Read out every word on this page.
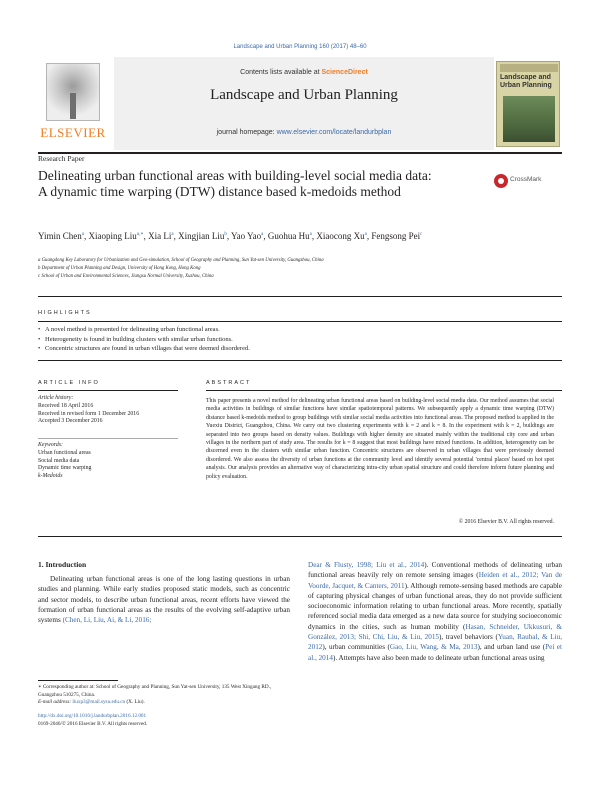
Landscape and Urban Planning 160 (2017) 48–60
ELSEVIER
Contents lists available at ScienceDirect
Landscape and Urban Planning
journal homepage: www.elsevier.com/locate/landurbplan
Landscape and Urban Planning
Research Paper
Delineating urban functional areas with building-level social media data: A dynamic time warping (DTW) distance based k-medoids method
CrossMark
Yimin Chen$^a$, Xiaoping Liu$^{a,∗}$, Xia Li$^a$, Xingjian Liu$^b$, Yao Yao$^a$, Guohua Hu$^a$, Xiaocong Xu$^a$, Fengsong Pei$^c$
a Guangdong Key Laboratory for Urbanization and Geo-simulation, School of Geography and Planning, Sun Yat-sen University, Guangzhou, China
b Department of Urban Planning and Design, University of Hong Kong, Hong Kong
c School of Urban and Environmental Sciences, Jiangsu Normal University, Xuzhou, China
HIGHLIGHTS
• A novel method is presented for delineating urban functional areas.
• Heterogeneity is found in building clusters with similar urban functions.
• Concentric structures are found in urban villages that were deemed disordered.
ARTICLE INFO	ABSTRACT
Article history:
Received 18 April 2016
Received in revised form 1 December 2016
Accepted 3 December 2016
Keywords:
Urban functional areas
Social media data
Dynamic time warping
k-Medoids
This paper presents a novel method for delineating urban functional areas based on building-level social media data. Our method assumes that social media activities in buildings of similar functions have similar spatiotemporal patterns. We subsequently apply a dynamic time warping (DTW) distance based k-medoids method to group buildings with similar social media activities into functional areas. The proposed method is applied in the Yuexiu District, Guangzhou, China. We carry out two clustering experiments with k = 2 and k = 8. In the experiment with k = 2, buildings are separated into two groups based on density values. Buildings with higher density are situated mainly within the traditional city core and urban villages in the northern part of study area. The results for k = 8 suggest that most buildings have mixed functions. In addition, heterogeneity can be discerned even in the clusters with similar urban function. Concentric structures are observed in urban villages that were previously deemed disordered. We also assess the diversity of urban functions at the community level and identify several potential 'central places' based on hot spot analysis. Our analysis provides an alternative way of characterizing intra-city urban spatial structure and could therefore inform future planning and policy evaluation.
© 2016 Elsevier B.V. All rights reserved.
1. Introduction
Delineating urban functional areas is one of the long lasting questions in urban studies and planning. While early studies proposed static models, such as concentric and sector models, to describe urban functional areas, recent efforts have viewed the formation of urban functional areas as the results of the evolving self-adaptive urban systems (Chen, Li, Liu, Ai, & Li, 2016;
∗ Corresponding author at: School of Geography and Planning, Sun Yat-sen University, 135 West Xingang RD., Guangzhou 510275, China.
E-mail address: liuxp3@mail.sysu.edu.cn (X. Liu).
http://dx.doi.org/10.1016/j.landurbplan.2016.12.001
0169-2046/© 2016 Elsevier B.V. All rights reserved.
Dear & Flusty, 1998; Liu et al., 2014). Conventional methods of delineating urban functional areas heavily rely on remote sensing images (Heiden et al., 2012; Van de Voorde, Jacquet, & Canters, 2011). Although remote-sensing based methods are capable of capturing physical changes of urban functional areas, they do not provide sufficient socioeconomic information relating to urban functional areas. More recently, spatially referenced social media data emerged as a new data source for studying socioeconomic dynamics in the cities, such as human mobility (Hasan, Schneider, Ukkusuri, & González, 2013; Shi, Chi, Liu, & Liu, 2015), travel behaviors (Yuan, Raubal, & Liu, 2012), urban communities (Gao, Liu, Wang, & Ma, 2013), and urban land use (Pei et al., 2014). Attempts have also been made to delineate urban functional areas using
